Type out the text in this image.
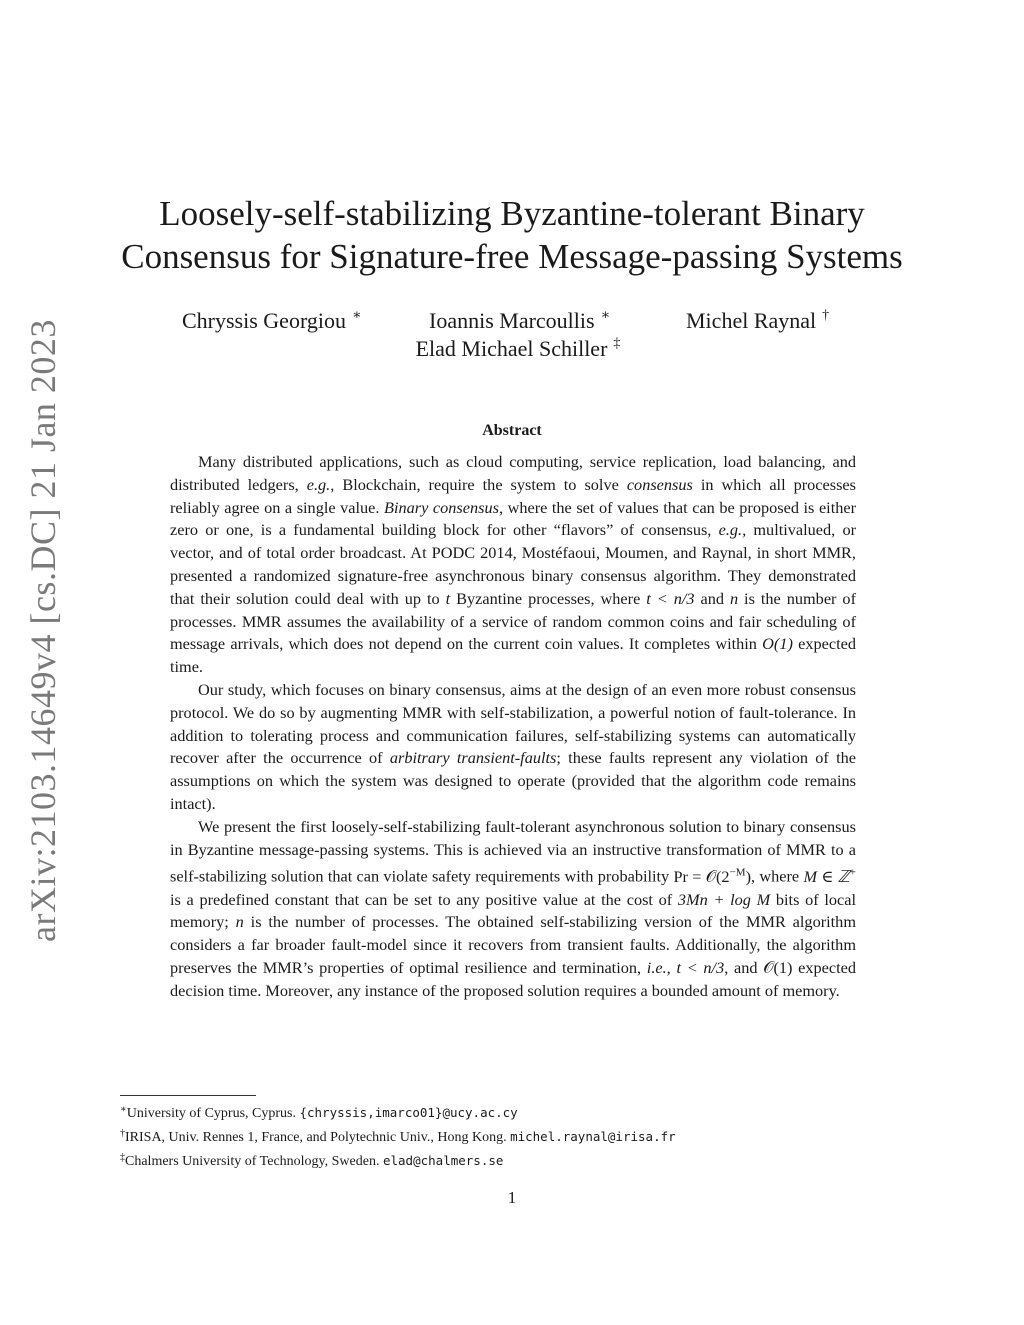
arXiv:2103.14649v4 [cs.DC] 21 Jan 2023
Loosely-self-stabilizing Byzantine-tolerant Binary
Consensus for Signature-free Message-passing Systems
Chryssis Georgiou ∗	Ioannis Marcoullis ∗	Michel Raynal †
Elad Michael Schiller ‡
Abstract

Many distributed applications, such as cloud computing, service replication, load balancing, and distributed ledgers, e.g., Blockchain, require the system to solve consensus in which all processes reliably agree on a single value. Binary consensus, where the set of values that can be proposed is either zero or one, is a fundamental building block for other “flavors” of consensus, e.g., multivalued, or vector, and of total order broadcast. At PODC 2014, Mostéfaoui, Moumen, and Raynal, in short MMR, presented a randomized signature-free asynchronous binary consensus algorithm. They demonstrated that their solution could deal with up to t Byzantine processes, where t < n/3 and n is the number of processes. MMR assumes the availability of a service of random common coins and fair scheduling of message arrivals, which does not depend on the current coin values. It completes within O(1) expected time.

Our study, which focuses on binary consensus, aims at the design of an even more robust consensus protocol. We do so by augmenting MMR with self-stabilization, a powerful notion of fault-tolerance. In addition to tolerating process and communication failures, self-stabilizing systems can automatically recover after the occurrence of arbitrary transient-faults; these faults represent any violation of the assumptions on which the system was designed to operate (provided that the algorithm code remains intact).

We present the first loosely-self-stabilizing fault-tolerant asynchronous solution to binary consensus in Byzantine message-passing systems. This is achieved via an instructive transformation of MMR to a self-stabilizing solution that can violate safety requirements with probability $Pr = 𝒪(2^{-M})$, where M ∈ ℤ+ is a predefined constant that can be set to any positive value at the cost of 3Mn + log M bits of local memory; n is the number of processes. The obtained self-stabilizing version of the MMR algorithm considers a far broader fault-model since it recovers from transient faults. Additionally, the algorithm preserves the MMR’s properties of optimal resilience and termination, i.e., t < n/3, and 𝒪(1) expected decision time. Moreover, any instance of the proposed solution requires a bounded amount of memory.

∗University of Cyprus, Cyprus. {chryssis,imarco01}@ucy.ac.cy

†IRISA, Univ. Rennes 1, France, and Polytechnic Univ., Hong Kong. michel.raynal@irisa.fr

‡Chalmers University of Technology, Sweden. elad@chalmers.se

1
